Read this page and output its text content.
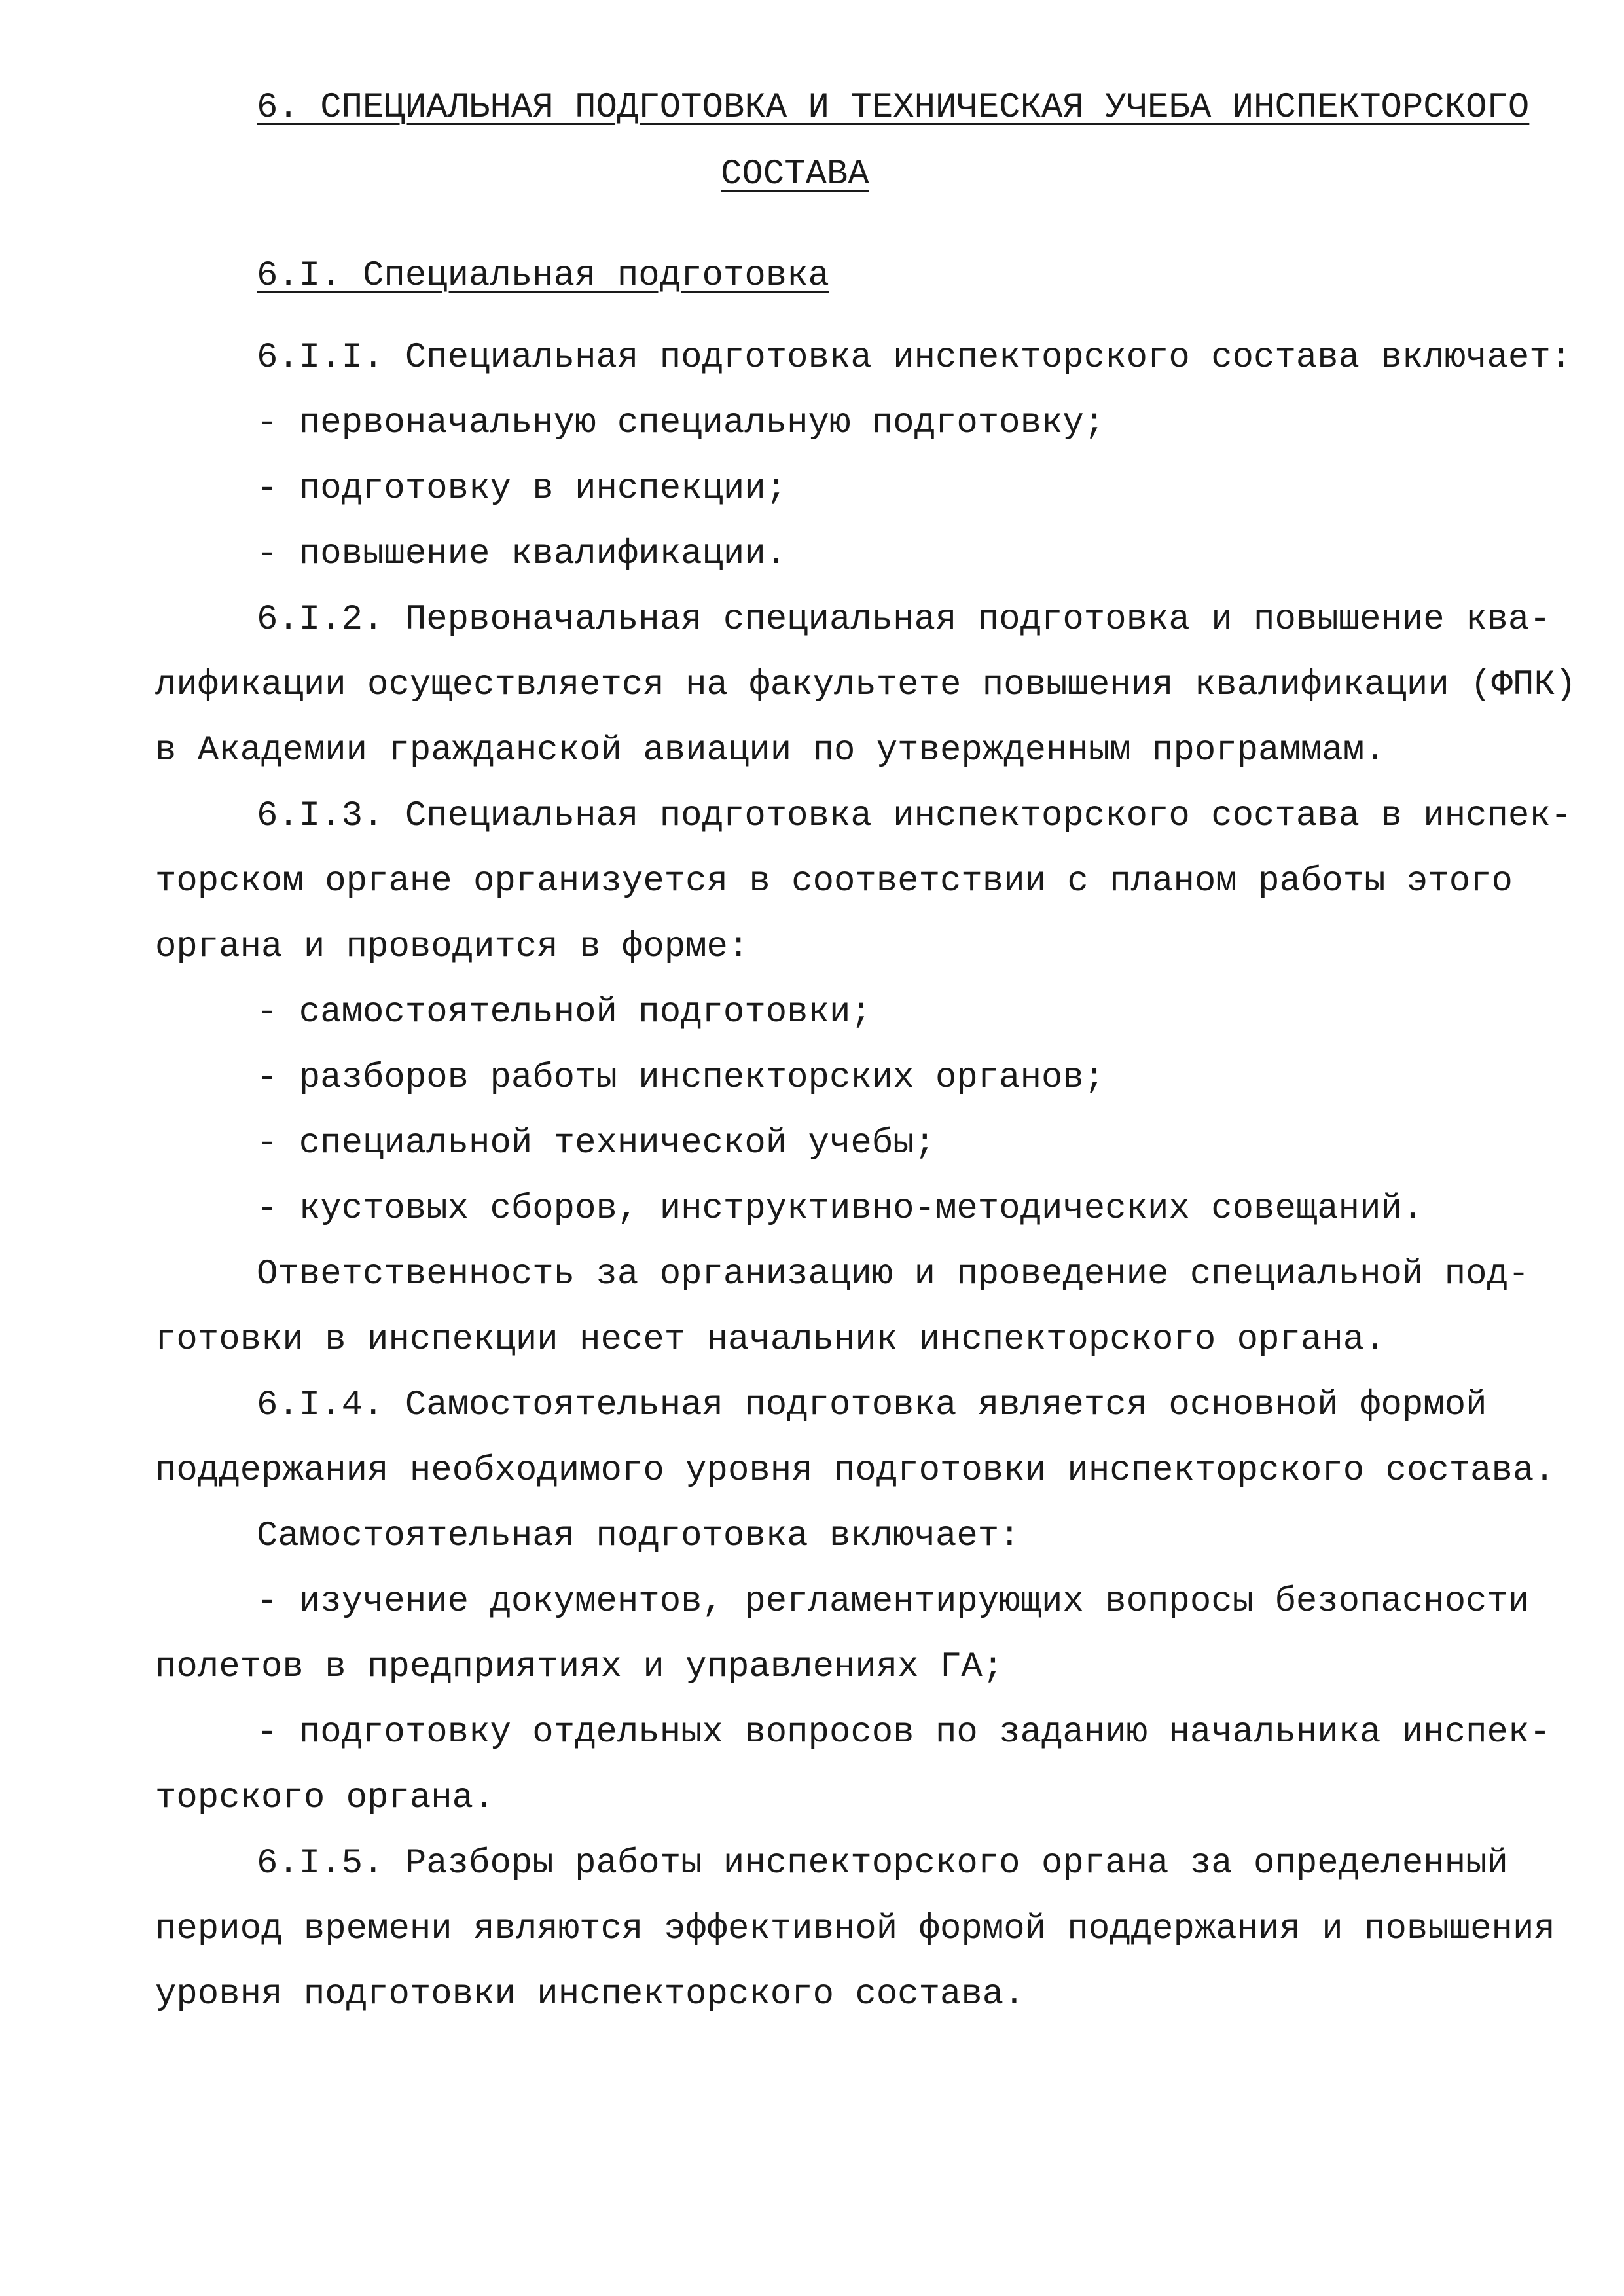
6. СПЕЦИАЛЬНАЯ ПОДГОТОВКА И ТЕХНИЧЕСКАЯ УЧЕБА ИНСПЕКТОРСКОГО
СОСТАВА
6.I. Специальная подготовка
6.I.I. Специальная подготовка инспекторского состава включает:
- первоначальную специальную подготовку;
- подготовку в инспекции;
- повышение квалификации.
6.I.2. Первоначальная специальная подготовка и повышение ква-
лификации осуществляется на факультете повышения квалификации (ФПК)
в Академии гражданской авиации по утвержденным программам.
6.I.3. Специальная подготовка инспекторского состава в инспек-
торском органе организуется в соответствии с планом работы этого
органа и проводится в форме:
- самостоятельной подготовки;
- разборов работы инспекторских органов;
- специальной технической учебы;
- кустовых сборов, инструктивно-методических совещаний.
Ответственность за организацию и проведение специальной под-
готовки в инспекции несет начальник инспекторского органа.
6.I.4. Самостоятельная подготовка является основной формой
поддержания необходимого уровня подготовки инспекторского состава.
Самостоятельная подготовка включает:
- изучение документов, регламентирующих вопросы безопасности
полетов в предприятиях и управлениях ГА;
- подготовку отдельных вопросов по заданию начальника инспек-
торского органа.
6.I.5. Разборы работы инспекторского органа за определенный
период времени являются эффективной формой поддержания и повышения
уровня подготовки инспекторского состава.
